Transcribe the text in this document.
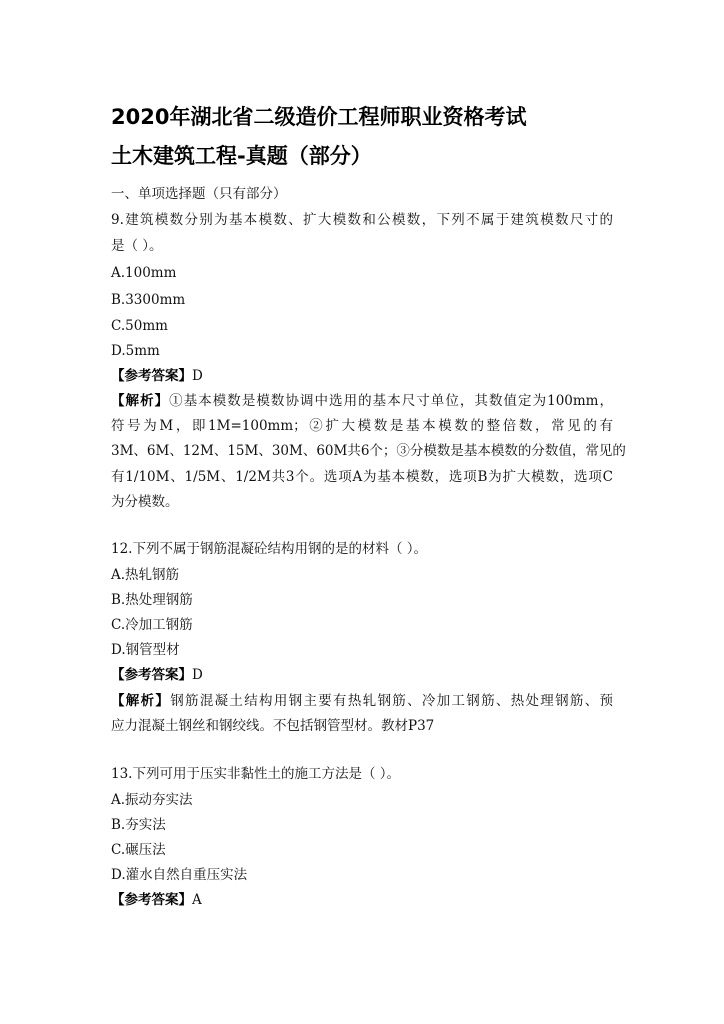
2020年湖北省二级造价工程师职业资格考试
土木建筑工程-真题（部分）
一、单项选择题（只有部分）
9.建筑模数分别为基本模数、扩大模数和公模数，下列不属于建筑模数尺寸的
是（ ）。
A.100mm
B.3300mm
C.50mm
D.5mm
【参考答案】D
【解析】①基本模数是模数协调中选用的基本尺寸单位，其数值定为100mm，
符号为M，即1M=100mm；②扩大模数是基本模数的整倍数，常见的有
3M、6M、12M、15M、30M、60M共6个；③分模数是基本模数的分数值，常见的
有1/10M、1/5M、1/2M共3个。选项A为基本模数，选项B为扩大模数，选项C
为分模数。
12.下列不属于钢筋混凝砼结构用钢的是的材料（ ）。
A.热轧钢筋
B.热处理钢筋
C.冷加工钢筋
D.钢管型材
【参考答案】D
【解析】钢筋混凝土结构用钢主要有热轧钢筋、冷加工钢筋、热处理钢筋、预
应力混凝土钢丝和钢绞线。不包括钢管型材。教材P37
13.下列可用于压实非黏性土的施工方法是（ ）。
A.振动夯实法
B.夯实法
C.碾压法
D.灌水自然自重压实法
【参考答案】A
